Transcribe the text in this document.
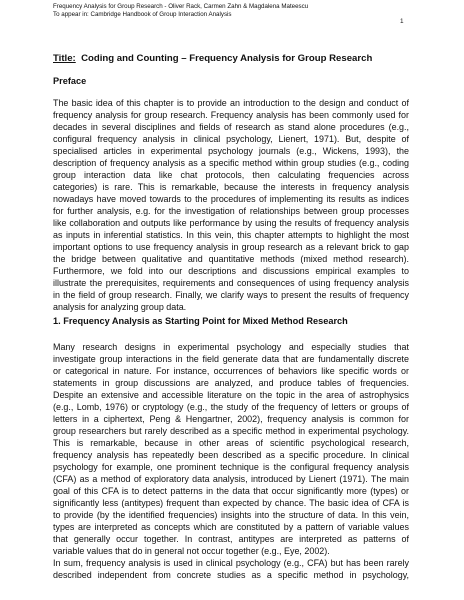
Frequency Analysis for Group Research - Oliver Rack, Carmen Zahn & Magdalena Mateescu
To appear in: Cambridge Handbook of Group Interaction Analysis
1
Title: Coding and Counting – Frequency Analysis for Group Research
Preface
The basic idea of this chapter is to provide an introduction to the design and conduct of
frequency analysis for group research. Frequency analysis has been commonly used for
decades in several disciplines and fields of research as stand alone procedures (e.g.,
configural frequency analysis in clinical psychology, Lienert, 1971). But, despite of
specialised articles in experimental psychology journals (e.g., Wickens, 1993), the
description of frequency analysis as a specific method within group studies (e.g., coding
group interaction data like chat protocols, then calculating frequencies across
categories) is rare. This is remarkable, because the interests in frequency analysis
nowadays have moved towards to the procedures of implementing its results as indices
for further analysis, e.g. for the investigation of relationships between group processes
like collaboration and outputs like performance by using the results of frequency analysis
as inputs in inferential statistics. In this vein, this chapter attempts to highlight the most
important options to use frequency analysis in group research as a relevant brick to gap
the bridge between qualitative and quantitative methods (mixed method research).
Furthermore, we fold into our descriptions and discussions empirical examples to
illustrate the prerequisites, requirements and consequences of using frequency analysis
in the field of group research. Finally, we clarify ways to present the results of frequency
analysis for analyzing group data.
1. Frequency Analysis as Starting Point for Mixed Method Research
Many research designs in experimental psychology and especially studies that
investigate group interactions in the field generate data that are fundamentally discrete
or categorical in nature. For instance, occurrences of behaviors like specific words or
statements in group discussions are analyzed, and produce tables of frequencies.
Despite an extensive and accessible literature on the topic in the area of astrophysics
(e.g., Lomb, 1976) or cryptology (e.g., the study of the frequency of letters or groups of
letters in a ciphertext, Peng & Hengartner, 2002), frequency analysis is common for
group researchers but rarely described as a specific method in experimental psychology.
This is remarkable, because in other areas of scientific psychological research,
frequency analysis has repeatedly been described as a specific procedure. In clinical
psychology for example, one prominent technique is the configural frequency analysis
(CFA) as a method of exploratory data analysis, introduced by Lienert (1971). The main
goal of this CFA is to detect patterns in the data that occur significantly more (types) or
significantly less (antitypes) frequent than expected by chance. The basic idea of CFA is
to provide (by the identified frequencies) insights into the structure of data. In this vein,
types are interpreted as concepts which are constituted by a pattern of variable values
that generally occur together. In contrast, antitypes are interpreted as patterns of
variable values that do in general not occur together (e.g., Eye, 2002).
In sum, frequency analysis is used in clinical psychology (e.g., CFA) but has been rarely
described independent from concrete studies as a specific method in psychology,
